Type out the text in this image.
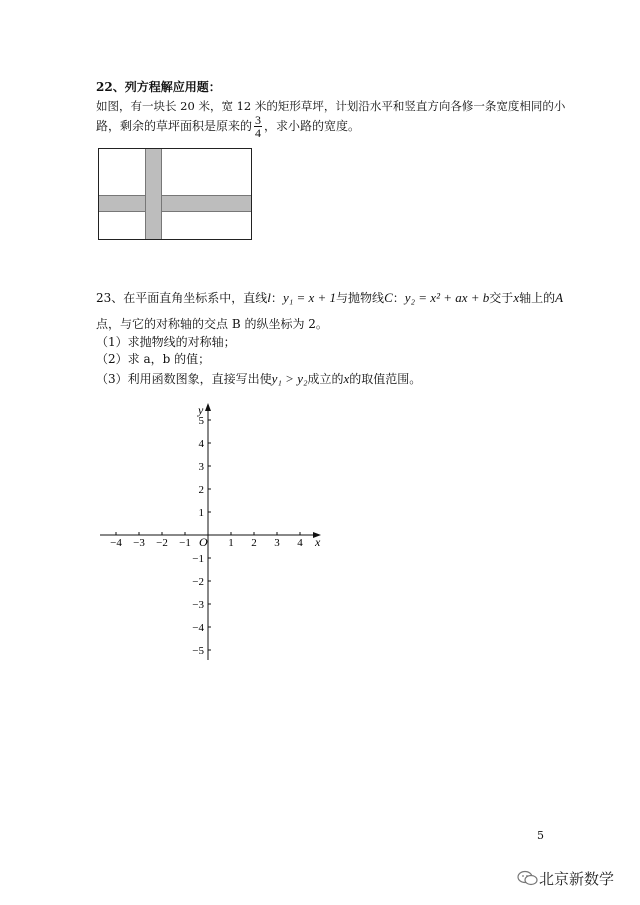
22、列方程解应用题：
如图，有一块长 20 米，宽 12 米的矩形草坪，计划沿水平和竖直方向各修一条宽度相同的小
路，剩余的草坪面积是原来的 $\frac{3}{4}$ ，求小路的宽度。
23、在平面直角坐标系中，直线l：y₁ = x + 1与抛物线C：y₂ = x² + ax + b交于x轴上的A
点，与它的对称轴的交点 B 的纵坐标为 2。
（1）求抛物线的对称轴；
（2）求 a，b 的值；
（3）利用函数图象，直接写出使y₁ > y₂成立的x的取值范围。
x
y
O
−4 −3 −2 −1	1 2 3 4
5
4
3
2
1
−1
−2
−3
−4
−5
5
北京新数学
